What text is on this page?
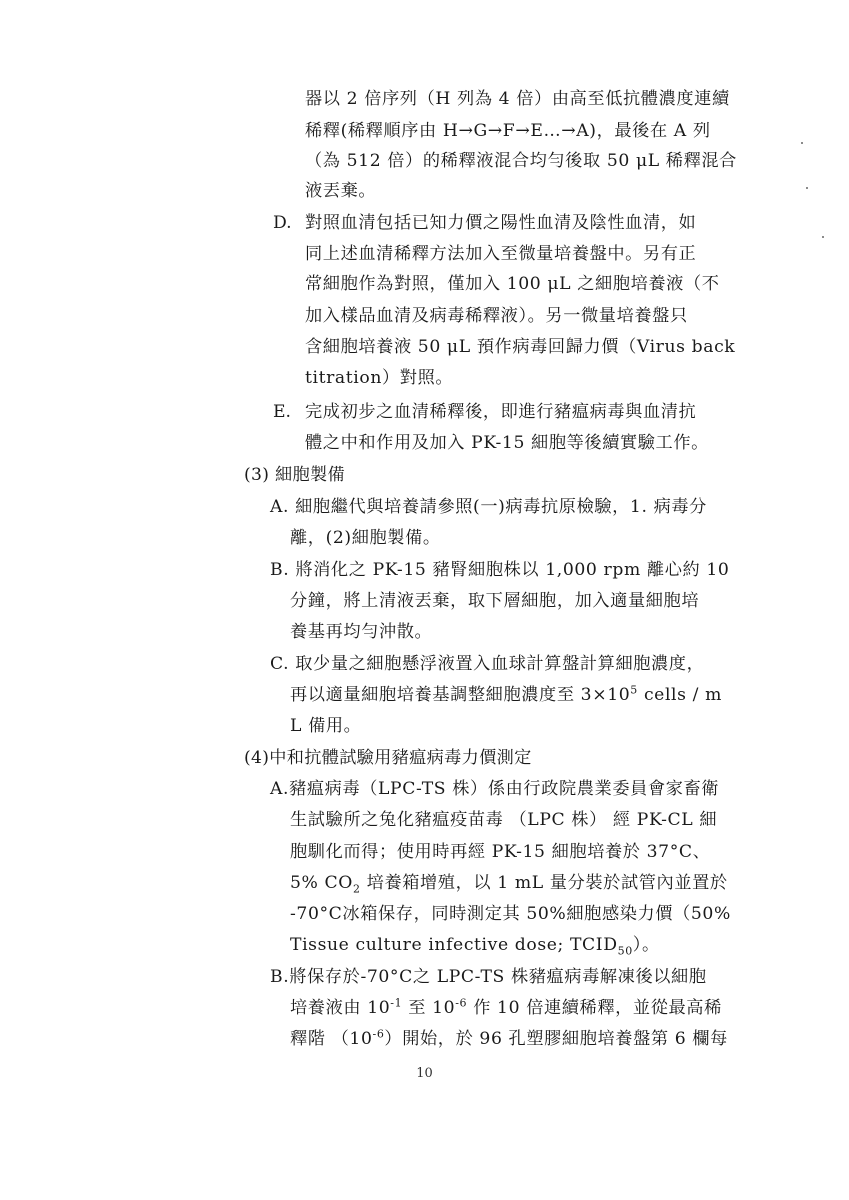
器以 2 倍序列（H 列為 4 倍）由高至低抗體濃度連續
稀釋(稀釋順序由 H→G→F→E…→A)，最後在 A 列
（為 512 倍）的稀釋液混合均勻後取 50 μL 稀釋混合
液丟棄。
D. 對照血清包括已知力價之陽性血清及陰性血清，如
同上述血清稀釋方法加入至微量培養盤中。另有正
常細胞作為對照，僅加入 100 μL 之細胞培養液（不
加入樣品血清及病毒稀釋液）。另一微量培養盤只
含細胞培養液 50 μL 預作病毒回歸力價（Virus back
titration）對照。
E. 完成初步之血清稀釋後，即進行豬瘟病毒與血清抗
體之中和作用及加入 PK-15 細胞等後續實驗工作。
(3) 細胞製備
A. 細胞繼代與培養請參照(一)病毒抗原檢驗，1. 病毒分
離，(2)細胞製備。
B. 將消化之 PK-15 豬腎細胞株以 1,000 rpm 離心約 10
分鐘，將上清液丟棄，取下層細胞，加入適量細胞培
養基再均勻沖散。
C. 取少量之細胞懸浮液置入血球計算盤計算細胞濃度，
再以適量細胞培養基調整細胞濃度至 $3\times 10^5$ cells / m
L 備用。
(4)中和抗體試驗用豬瘟病毒力價測定
A.豬瘟病毒（LPC-TS 株）係由行政院農業委員會家畜衛
生試驗所之兔化豬瘟疫苗毒 （LPC 株） 經 PK-CL 細
胞馴化而得；使用時再經 PK-15 細胞培養於 37°C、
5% $CO_2$ 培養箱增殖，以 1 mL 量分裝於試管內並置於
-70°C冰箱保存，同時測定其 50%細胞感染力價（50%
Tissue culture infective dose; $TCID_{50}$）。
B.將保存於-70°C之 LPC-TS 株豬瘟病毒解凍後以細胞
培養液由 $10^{-1}$ 至 $10^{-6}$ 作 10 倍連續稀釋，並從最高稀
釋階 $(10^{-6})$開始，於 96 孔塑膠細胞培養盤第 6 欄每
10
